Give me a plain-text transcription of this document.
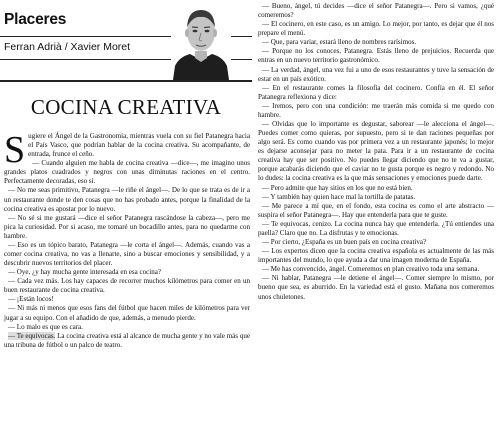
Placeres

Ferran Adrià / Xavier Moret

COCINA CREATIVA

Sugiere el Ángel de la Gastronomía, mientras vuela con su fiel Patanegra hacia el País Vasco, que podrían hablar de la cocina creativa. Su acompañante, de entrada, frunce el ceño.

— Cuando alguien me habla de cocina creativa —dice—, me imagino unos grandes platos cuadrados y negros con unas diminutas raciones en el centro. Perfectamente decoradas, eso sí.

— No me seas primitivo, Patanegra —le riñe el ángel—. De lo que se trata es de ir a un restaurante donde te den cosas que no has probado antes, porque la finalidad de la cocina creativa es apostar por lo nuevo.

— No sé si me gustará —dice el señor Patanegra rascándose la cabeza—, pero me pica la curiosidad. Por si acaso, me tomaré un bocadillo antes, para no quedarme con hambre.

— Eso es un tópico barato, Patanegra —le corta el ángel—. Además, cuando vas a comer cocina creativa, no vas a llenarte, sino a buscar emociones y sensibilidad, y a descubrir nuevos territorios del placer.

— Oye, ¿y hay mucha gente interesada en esa cocina?

— Cada vez más. Los hay capaces de recorrer muchos kilómetros para comer en un buen restaurante de cocina creativa.

— ¡Están locos!

— Ni más ni menos que esos fans del fútbol que hacen miles de kilómetros para ver jugar a su equipo. Con el añadido de que, además, a menudo pierde.

— Lo malo es que es cara.

— Te equivocas. La cocina creativa está al alcance de mucha gente y no vale más que una tribuna de fútbol o un palco de teatro.

— Bueno, ángel, tú decides —dice el señor Patanegra—. Pero si vamos, ¿qué comeremos?

— El cocinero, en este caso, es un amigo. Lo mejor, por tanto, es dejar que él nos prepare el menú.

— Que, para variar, estará lleno de nombres rarísimos.

— Porque no los conoces, Patanegra. Estás lleno de prejuicios. Recuerda que entras en un nuevo territorio gastronómico.

— La verdad, ángel, una vez fui a uno de esos restaurantes y tuve la sensación de estar en un país exótico.

— En el restaurante comes la filosofía del cocinero. Confía en él. El señor Patanegra reflexiona y dice:

— Iremos, pero con una condición: me traerán más comida si me quedo con hambre.

— Olvidas que lo importante es degustar, saborear —le alecciona el ángel—. Puedes comer como quieras, por supuesto, pero si te dan raciones pequeñas por algo será. Es como cuando vas por primera vez a un restaurante japonés; lo mejor es dejarse aconsejar para no meter la pata. Para ir a un restaurante de cocina creativa hay que ser positivo. No puedes llegar diciendo que no te va a gustar, porque acabarás diciendo que el caviar no te gusta porque es negro y redondo. No lo dudes: la cocina creativa es la que más sensaciones y emociones puede darte.

— Pero admite que hay sitios en los que no está bien.

— Y también hay quien hace mal la tortilla de patatas.

— Me parece a mí que, en el fondo, esta cocina es como el arte abstracto —suspira el señor Patanegra—. Hay que entenderla para que te guste.

— Te equivocas, cenizo. La cocina nunca hay que entenderla. ¿Tú entiendes una paella? Claro que no. La disfrutas y te emocionas.

— Por cierto, ¿España es un buen país en cocina creativa?

— Los expertos dicen que la cocina creativa española es actualmente de las más importantes del mundo, lo que ayuda a dar una imagen moderna de España.

— Me has convencido, ángel. Comeremos en plan creativo toda una semana.

— Ni hablar, Patanegra —le detiene el ángel—. Comer siempre lo mismo, por bueno que sea, es aburrido. En la variedad está el gusto. Mañana nos comeremos unos chuletones.
